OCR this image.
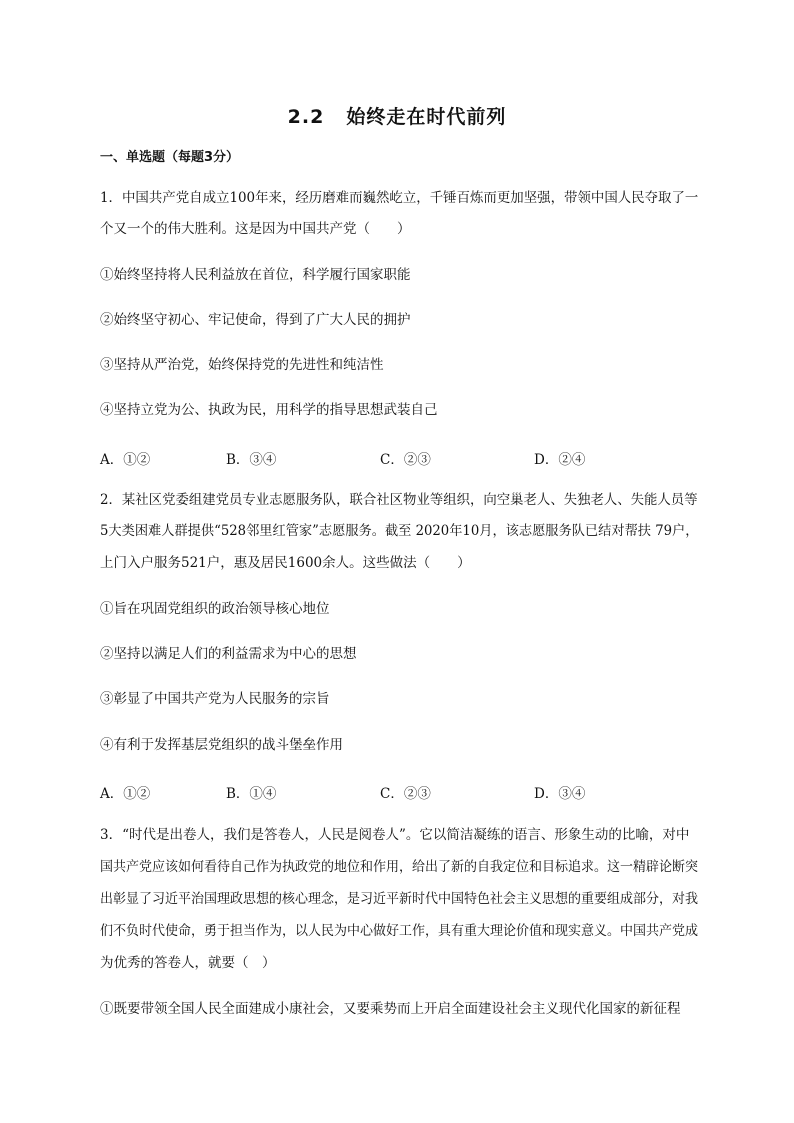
2.2 始终走在时代前列
一、单选题（每题3分）
1．中国共产党自成立100年来，经历磨难而巍然屹立，千锤百炼而更加坚强，带领中国人民夺取了一
个又一个的伟大胜利。这是因为中国共产党（　　）
①始终坚持将人民利益放在首位，科学履行国家职能
②始终坚守初心、牢记使命，得到了广大人民的拥护
③坚持从严治党，始终保持党的先进性和纯洁性
④坚持立党为公、执政为民，用科学的指导思想武装自己
A．①②	B．③④	C．②③	D．②④
2．某社区党委组建党员专业志愿服务队，联合社区物业等组织，向空巢老人、失独老人、失能人员等
5大类困难人群提供“528邻里红管家”志愿服务。截至 2020年10月，该志愿服务队已结对帮扶 79户，
上门入户服务521户，惠及居民1600余人。这些做法（　　）
①旨在巩固党组织的政治领导核心地位
②坚持以满足人们的利益需求为中心的思想
③彰显了中国共产党为人民服务的宗旨
④有利于发挥基层党组织的战斗堡垒作用
A．①②	B．①④	C．②③	D．③④
3．“时代是出卷人，我们是答卷人，人民是阅卷人”。它以简洁凝练的语言、形象生动的比喻，对中
国共产党应该如何看待自己作为执政党的地位和作用，给出了新的自我定位和目标追求。这一精辟论断突
出彰显了习近平治国理政思想的核心理念，是习近平新时代中国特色社会主义思想的重要组成部分，对我
们不负时代使命，勇于担当作为，以人民为中心做好工作，具有重大理论价值和现实意义。中国共产党成
为优秀的答卷人，就要（　）
①既要带领全国人民全面建成小康社会，又要乘势而上开启全面建设社会主义现代化国家的新征程
